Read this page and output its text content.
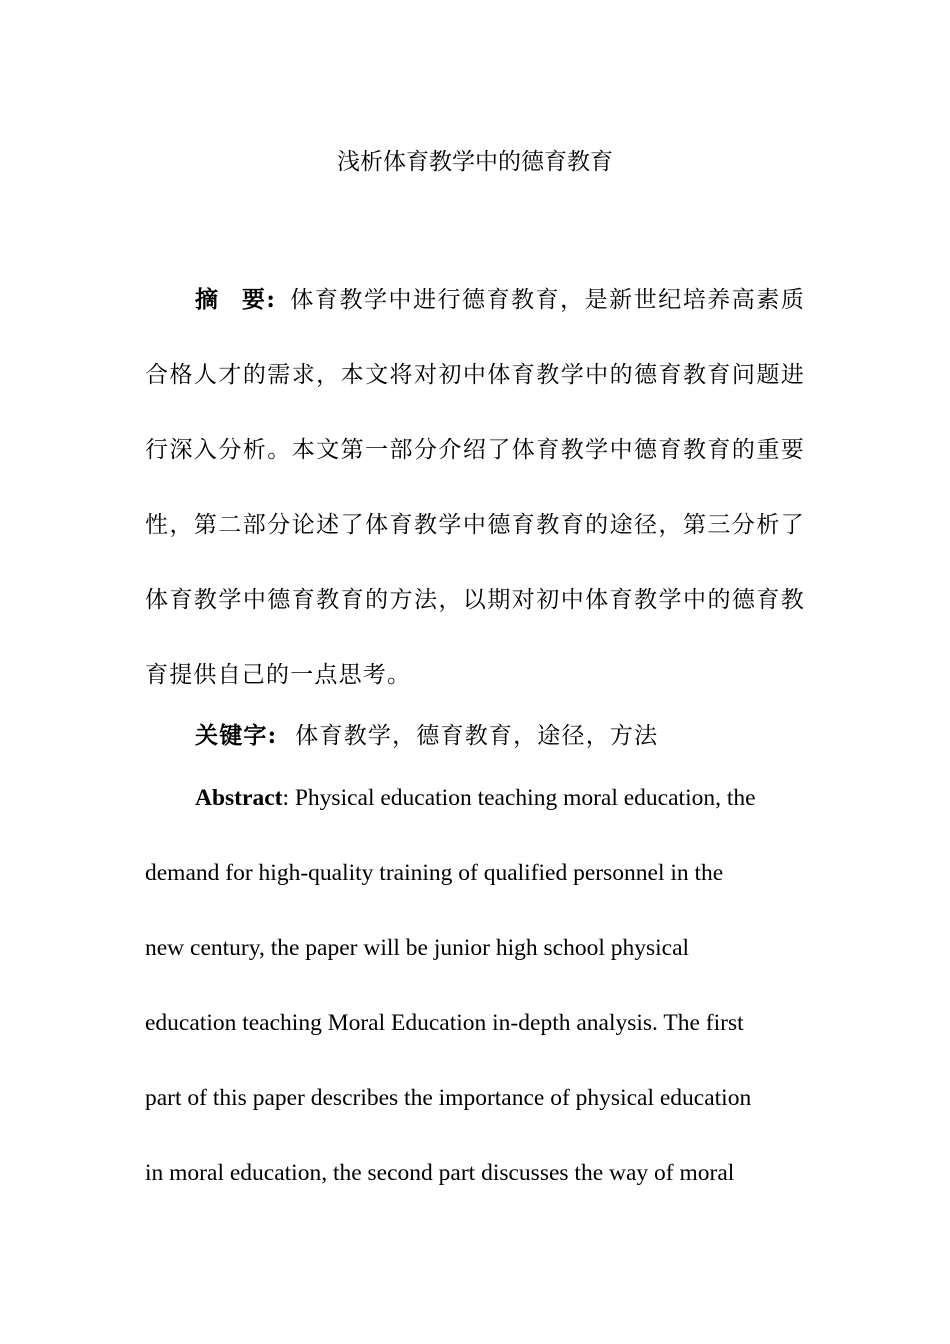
浅析体育教学中的德育教育
摘 要: 体育教学中进行德育教育，是新世纪培养高素质合格人才的需求，本文将对初中体育教学中的德育教育问题进行深入分析。本文第一部分介绍了体育教学中德育教育的重要性，第二部分论述了体育教学中德育教育的途径，第三分析了体育教学中德育教育的方法，以期对初中体育教学中的德育教育提供自己的一点思考。

关键字: 体育教学，德育教育，途径，方法

Abstract: Physical education teaching moral education, the
demand for high-quality training of qualified personnel in the
new century, the paper will be junior high school physical
education teaching Moral Education in-depth analysis. The first
part of this paper describes the importance of physical education
in moral education, the second part discusses the way of moral
